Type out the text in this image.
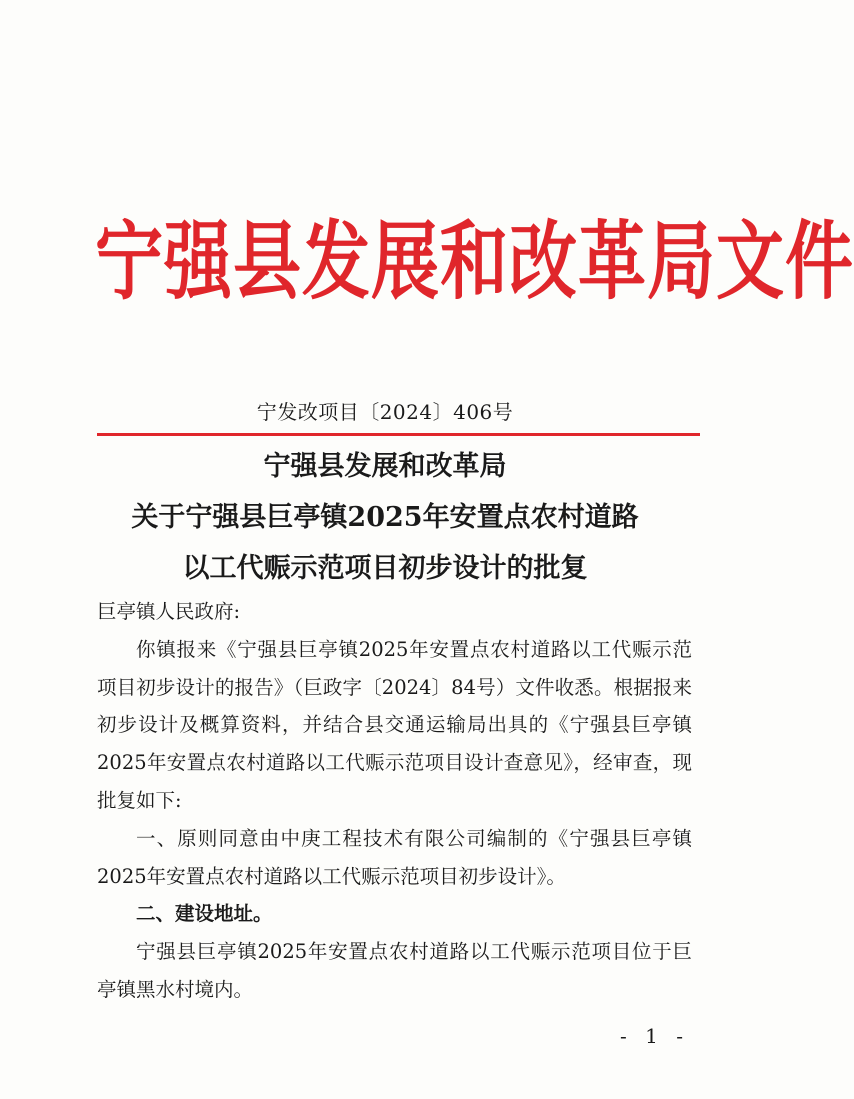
宁强县发展和改革局文件
宁发改项目〔2024〕406号
宁强县发展和改革局
关于宁强县巨亭镇2025年安置点农村道路
以工代赈示范项目初步设计的批复
巨亭镇人民政府:
你镇报来《宁强县巨亭镇2025年安置点农村道路以工代赈示范项目初步设计的报告》（巨政字〔2024〕84号）文件收悉。根据报来初步设计及概算资料，并结合县交通运输局出具的《宁强县巨亭镇2025年安置点农村道路以工代赈示范项目设计查意见》，经审查，现批复如下:
一、原则同意由中庚工程技术有限公司编制的《宁强县巨亭镇2025年安置点农村道路以工代赈示范项目初步设计》。
二、建设地址。
宁强县巨亭镇2025年安置点农村道路以工代赈示范项目位于巨亭镇黑水村境内。
- 1 -
